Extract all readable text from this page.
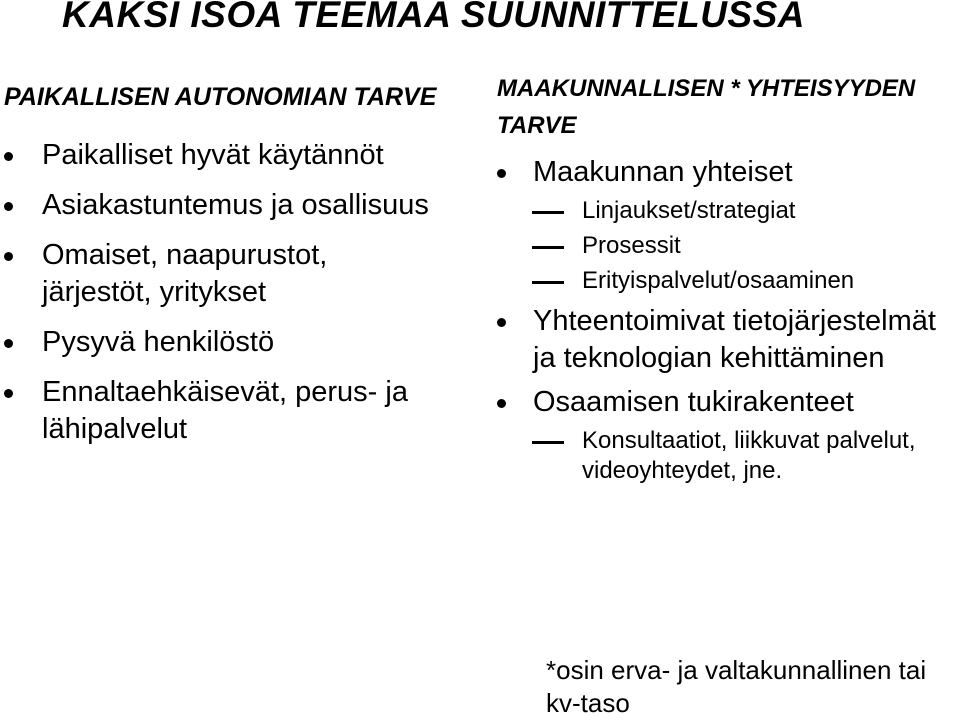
KAKSI ISOA TEEMAA SUUNNITTELUSSA
PAIKALLISEN AUTONOMIAN TARVE
Paikalliset hyvät käytännöt
Asiakastuntemus ja osallisuus
Omaiset, naapurustot, järjestöt, yritykset
Pysyvä henkilöstö
Ennaltaehkäisevät, perus- ja lähipalvelut
MAAKUNNALLISEN * YHTEISYYDEN TARVE
Maakunnan yhteiset
Linjaukset/strategiat
Prosessit
Erityispalvelut/osaaminen
Yhteentoimivat tietojärjestelmät ja teknologian kehittäminen
Osaamisen tukirakenteet
Konsultaatiot, liikkuvat palvelut, videoyhteydet, jne.

*osin erva- ja valtakunnallinen tai kv-taso
